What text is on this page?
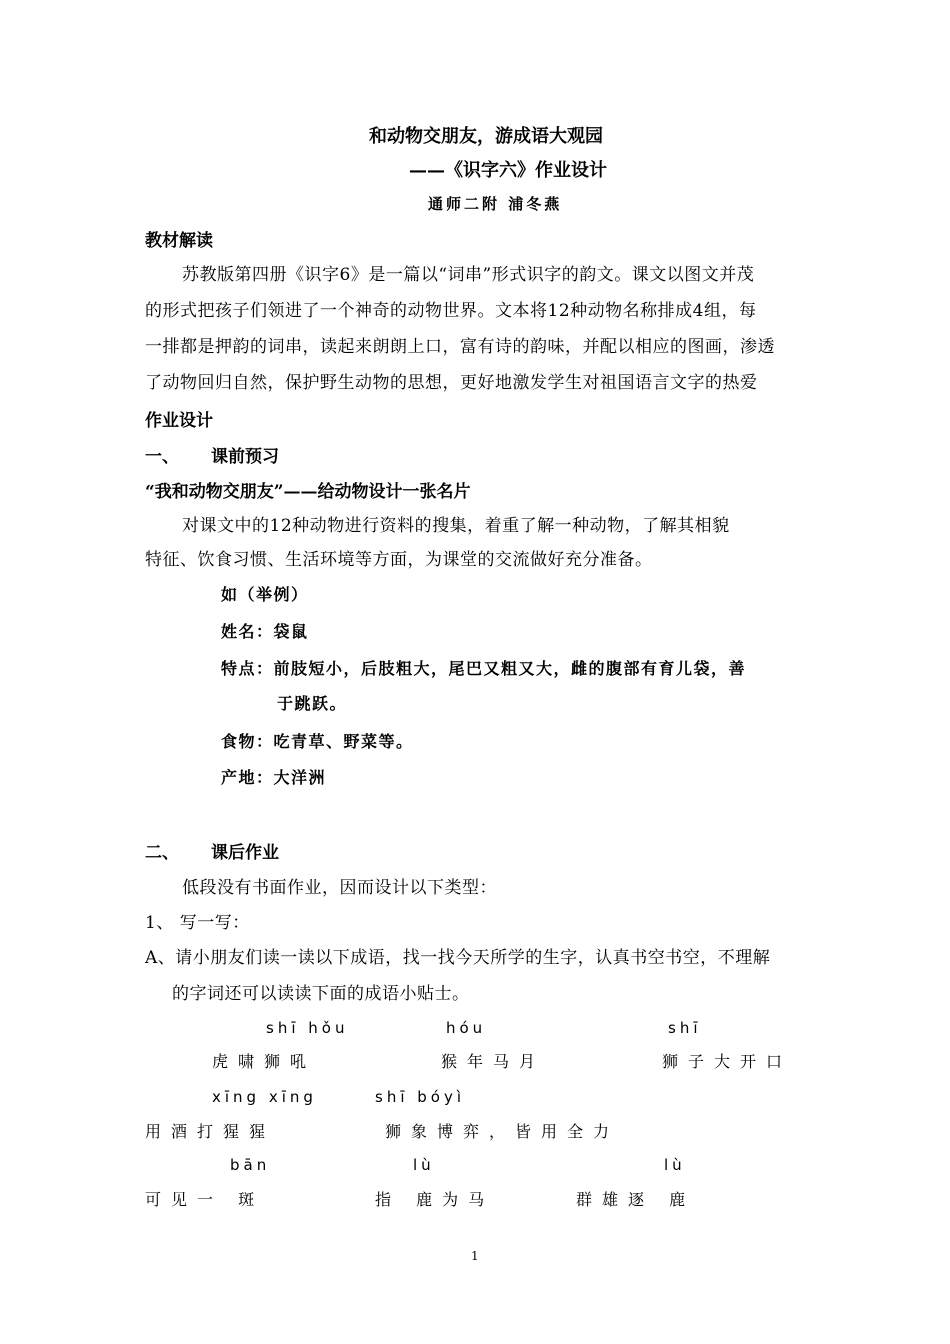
和动物交朋友，游成语大观园
——《识字六》作业设计
通师二附 浦冬燕
教材解读
苏教版第四册《识字6》是一篇以“词串”形式识字的韵文。课文以图文并茂
的形式把孩子们领进了一个神奇的动物世界。文本将12种动物名称排成4组，每
一排都是押韵的词串，读起来朗朗上口，富有诗的韵味，并配以相应的图画，渗透
了动物回归自然，保护野生动物的思想，更好地激发学生对祖国语言文字的热爱
作业设计
一、 课前预习
“我和动物交朋友”——给动物设计一张名片
对课文中的12种动物进行资料的搜集，着重了解一种动物，了解其相貌
特征、饮食习惯、生活环境等方面，为课堂的交流做好充分准备。
如（举例）
姓名：袋鼠
特点：前肢短小，后肢粗大，尾巴又粗又大，雌的腹部有育儿袋，善
于跳跃。
食物：吃青草、野菜等。
产地：大洋洲
二、 课后作业
低段没有书面作业，因而设计以下类型：
1、 写一写：
A、请小朋友们读一读以下成语，找一找今天所学的生字，认真书空书空，不理解
的字词还可以读读下面的成语小贴士。
shī hǒu	hóu	shī
虎啸狮吼	猴年马月	狮子大开口
xīng xīng	shī bóyì
用酒打猩猩	狮象博弈，皆用全力
bān	lù	lù
可见一 斑	指 鹿为马	群雄逐 鹿
1
